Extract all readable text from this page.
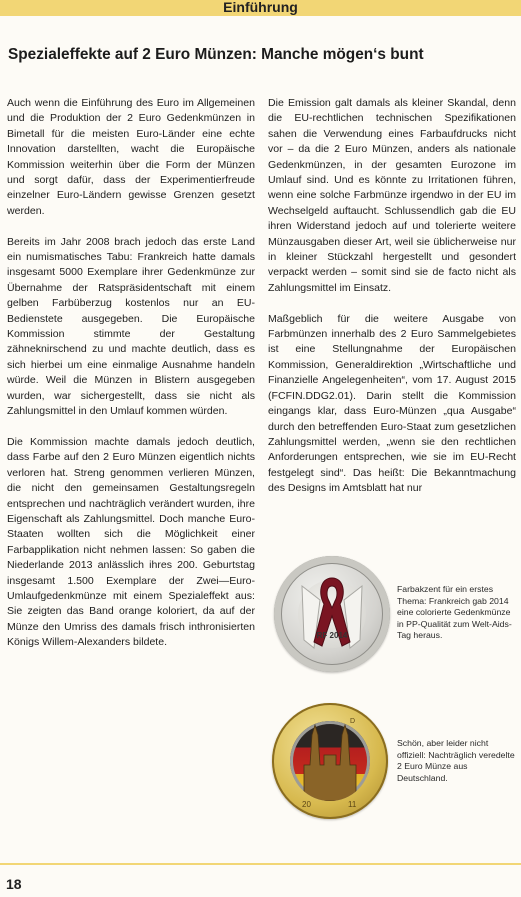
Einführung
Spezialeffekte auf 2 Euro Münzen: Manche mögen‘s bunt

Auch wenn die Einführung des Euro im Allgemeinen und die Produktion der 2 Euro Gedenkmünzen in Bimetall für die meisten Euro-Länder eine echte Innovation darstellten, wacht die Europäische Kommission weiterhin über die Form der Münzen und sorgt dafür, dass der Experimentierfreude einzelner Euro-Ländern gewisse Grenzen gesetzt werden.

Bereits im Jahr 2008 brach jedoch das erste Land ein numismatisches Tabu: Frankreich hatte damals insgesamt 5000 Exemplare ihrer Gedenkmünze zur Übernahme der Ratspräsidentschaft mit einem gelben Farbüberzug kostenlos nur an EU-Bedienstete ausgegeben. Die Europäische Kommission stimmte der Gestaltung zähneknirschend zu und machte deutlich, dass es sich hierbei um eine einmalige Ausnahme handeln würde. Weil die Münzen in Blistern ausgegeben wurden, war sichergestellt, dass sie nicht als Zahlungsmittel in den Umlauf kommen würden.

Die Kommission machte damals jedoch deutlich, dass Farbe auf den 2 Euro Münzen eigentlich nichts verloren hat. Streng genommen verlieren Münzen, die nicht den gemeinsamen Gestaltungsregeln entsprechen und nachträglich verändert wurden, ihre Eigenschaft als Zahlungsmittel. Doch manche Euro-Staaten wollten sich die Möglichkeit einer Farbapplikation nicht nehmen lassen: So gaben die Niederlande 2013 anlässlich ihres 200. Geburtstag insgesamt 1.500 Exemplare der Zwei—Euro-Umlaufgedenkmünze mit einem Spezialeffekt aus: Sie zeigten das Band orange koloriert, da auf der Münze den Umriss des damals frisch inthronisierten Königs Willem-Alexanders bildete.

Die Emission galt damals als kleiner Skandal, denn die EU-rechtlichen technischen Spezifikationen sahen die Verwendung eines Farbaufdrucks nicht vor – da die 2 Euro Münzen, anders als nationale Gedenkmünzen, in der gesamten Eurozone im Umlauf sind. Und es könnte zu Irritationen führen, wenn eine solche Farbmünze irgendwo in der EU im Wechselgeld auftaucht. Schlussendlich gab die EU ihren Widerstand jedoch auf und tolerierte weitere Münzausgaben dieser Art, weil sie üblicherweise nur in kleiner Stückzahl hergestellt und gesondert verpackt werden – somit sind sie de facto nicht als Zahlungsmittel im Einsatz.

Maßgeblich für die weitere Ausgabe von Farbmünzen innerhalb des 2 Euro Sammelgebietes ist eine Stellungnahme der Europäischen Kommission, Generaldirektion „Wirtschaftliche und Finanzielle Angelegenheiten“, vom 17. August 2015 (FCFIN.DDG2.01). Darin stellt die Kommission eingangs klar, dass Euro-Münzen „qua Ausgabe“ durch den betreffenden Euro-Staat zum gesetzlichen Zahlungsmittel werden, „wenn sie den rechtlichen Anforderungen entsprechen, wie sie im EU-Recht festgelegt sind“. Das heißt: Die Bekanntmachung des Designs im Amtsblatt hat nur

RF 2014
Farbakzent für ein erstes Thema: Frankreich gab 2014 eine colorierte Gedenkmünze in PP-Qualität zum Welt-Aids-Tag heraus.
20	11
D
Schön, aber leider nicht offiziell: Nachträglich veredelte 2 Euro Münze aus Deutschland.
18
